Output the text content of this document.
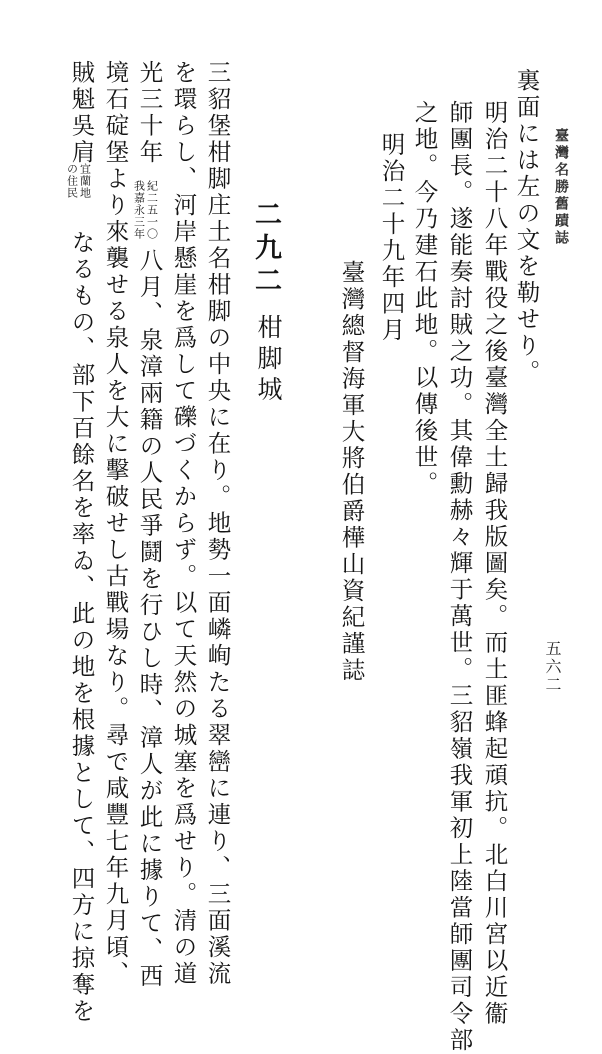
臺灣名勝舊蹟誌
五六二
裏面には左の文を勒せり。
明治二十八年戰役之後臺灣全土歸我版圖矣。而土匪蜂起頑抗。北白川宮以近衞
師團長。遂能奏討賊之功。其偉勳赫々輝于萬世。三貂嶺我軍初上陸當師團司令部
之地。今乃建石此地。以傳後世。
明治二十九年四月
臺灣總督海軍大將伯爵樺山資紀謹誌
二九二
柑脚城
三貂堡柑脚庄土名柑脚の中央に在り。地勢一面嶙峋たる翠巒に連り、三面溪流
を環らし、河岸懸崖を爲して礫づくからず。以て天然の城塞を爲せり。清の道
光三十年
紀二五一〇
我嘉永三年
八月、泉漳兩籍の人民爭鬪を行ひし時、漳人が此に據りて、西
境石碇堡より來襲せる泉人を大に擊破せし古戰場なり。尋で咸豐七年九月頃、
賊魁吳肩
宜蘭地
の住民
なるもの、部下百餘名を率ゐ、此の地を根據として、四方に掠奪を
